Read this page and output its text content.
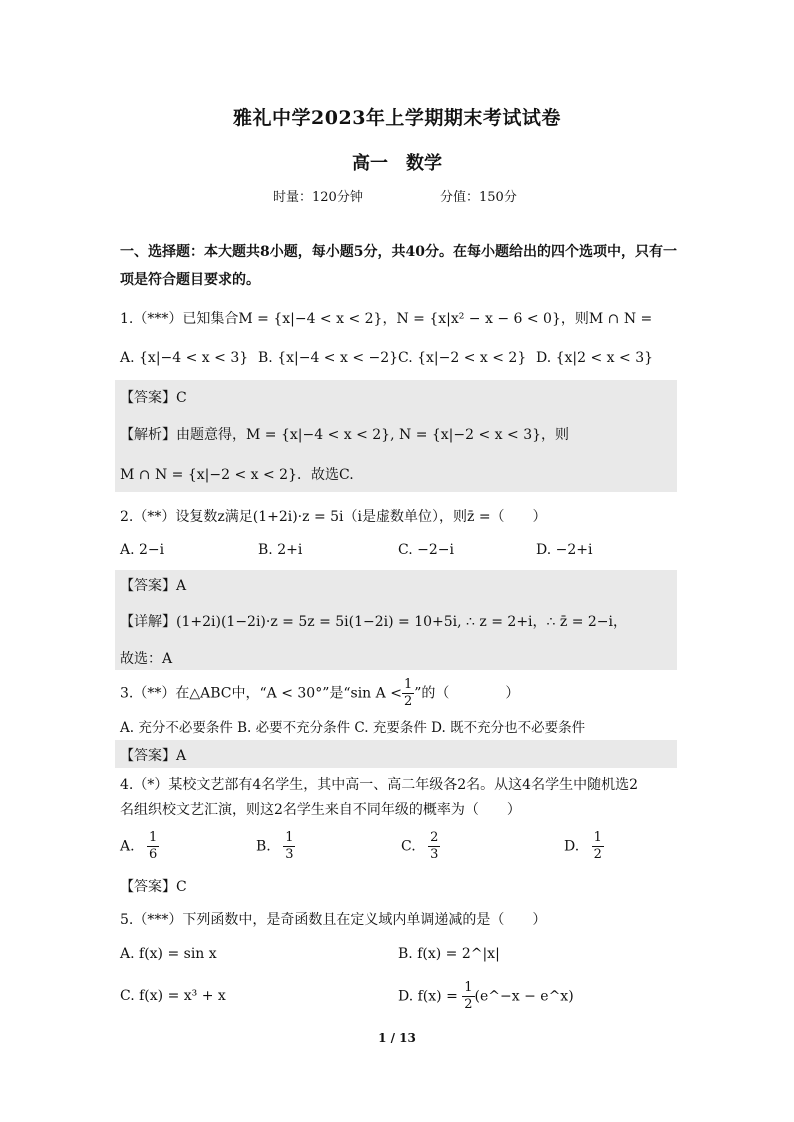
雅礼中学2023年上学期期末考试试卷
高一　数学
时量：120分钟	分值：150分
一、选择题：本大题共8小题，每小题5分，共40分。在每小题给出的四个选项中，只有一项是符合题目要求的。
1.（***）已知集合M = {x|−4 < x < 2}，N = {x|x² − x − 6 < 0}，则M ∩ N =
A. {x|−4 < x < 3} B. {x|−4 < x < −2} C. {x|−2 < x < 2} D. {x|2 < x < 3}
【答案】C
【解析】由题意得，M = {x|−4 < x < 2}, N = {x|−2 < x < 3}，则
M ∩ N = {x|−2 < x < 2}．故选C.
2.（**）设复数z满足(1+2i)·z = 5i（i是虚数单位），则z̄ =（　　）
A. 2−i	B. 2+i	C. −2−i	D. −2+i
【答案】A
【详解】(1+2i)(1−2i)·z = 5z = 5i(1−2i) = 10+5i, ∴ z = 2+i，∴ z̄ = 2−i，
故选：A
3.（**）在△ABC中，“A < 30°”是“sin $A < \frac{1}{2}$ ”的（　　　　）
A. 充分不必要条件 B. 必要不充分条件 C. 充要条件 D. 既不充分也不必要条件
【答案】A
4.（*）某校文艺部有4名学生，其中高一、高二年级各2名。从这4名学生中随机选2
名组织校文艺汇演，则这2名学生来自不同年级的概率为（　　）
A. $\frac{1}{6}$	B. $\frac{1}{3}$	C. $\frac{2}{3}$	D. $\frac{1}{2}$
【答案】C
5.（***）下列函数中，是奇函数且在定义域内单调递减的是（　　）
A. f(x) = sin x	B. f(x) = 2^|x|
C. f(x) = x³ + x	D. $f(x) = \frac{1}{2}$ (e^−x − e^x)
1 / 13
